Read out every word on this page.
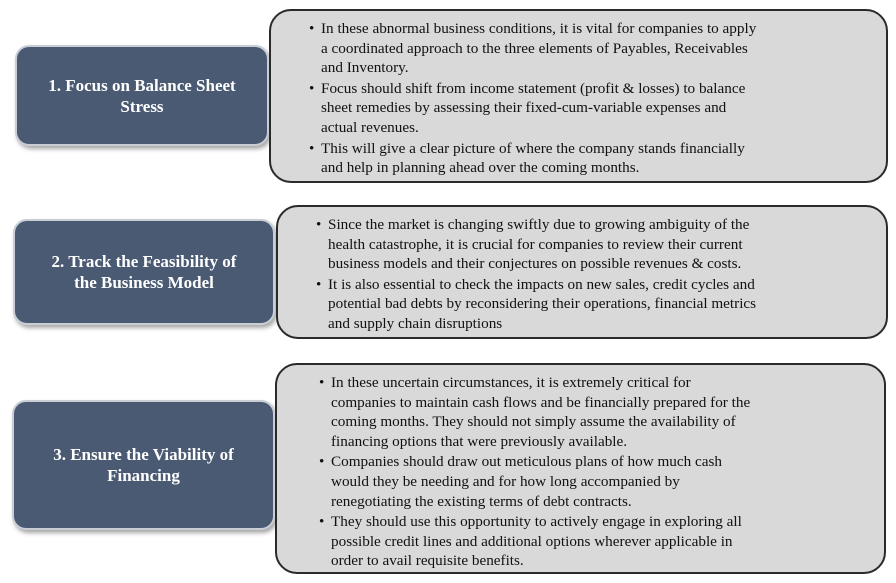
1. Focus on Balance Sheet
Stress
• In these abnormal business conditions, it is vital for companies to apply
a coordinated approach to the three elements of Payables, Receivables
and Inventory.
• Focus should shift from income statement (profit & losses) to balance
sheet remedies by assessing their fixed-cum-variable expenses and
actual revenues.
• This will give a clear picture of where the company stands financially
and help in planning ahead over the coming months.
2. Track the Feasibility of
the Business Model
• Since the market is changing swiftly due to growing ambiguity of the
health catastrophe, it is crucial for companies to review their current
business models and their conjectures on possible revenues & costs.
• It is also essential to check the impacts on new sales, credit cycles and
potential bad debts by reconsidering their operations, financial metrics
and supply chain disruptions
3. Ensure the Viability of
Financing
• In these uncertain circumstances, it is extremely critical for
companies to maintain cash flows and be financially prepared for the
coming months. They should not simply assume the availability of
financing options that were previously available.
• Companies should draw out meticulous plans of how much cash
would they be needing and for how long accompanied by
renegotiating the existing terms of debt contracts.
• They should use this opportunity to actively engage in exploring all
possible credit lines and additional options wherever applicable in
order to avail requisite benefits.
